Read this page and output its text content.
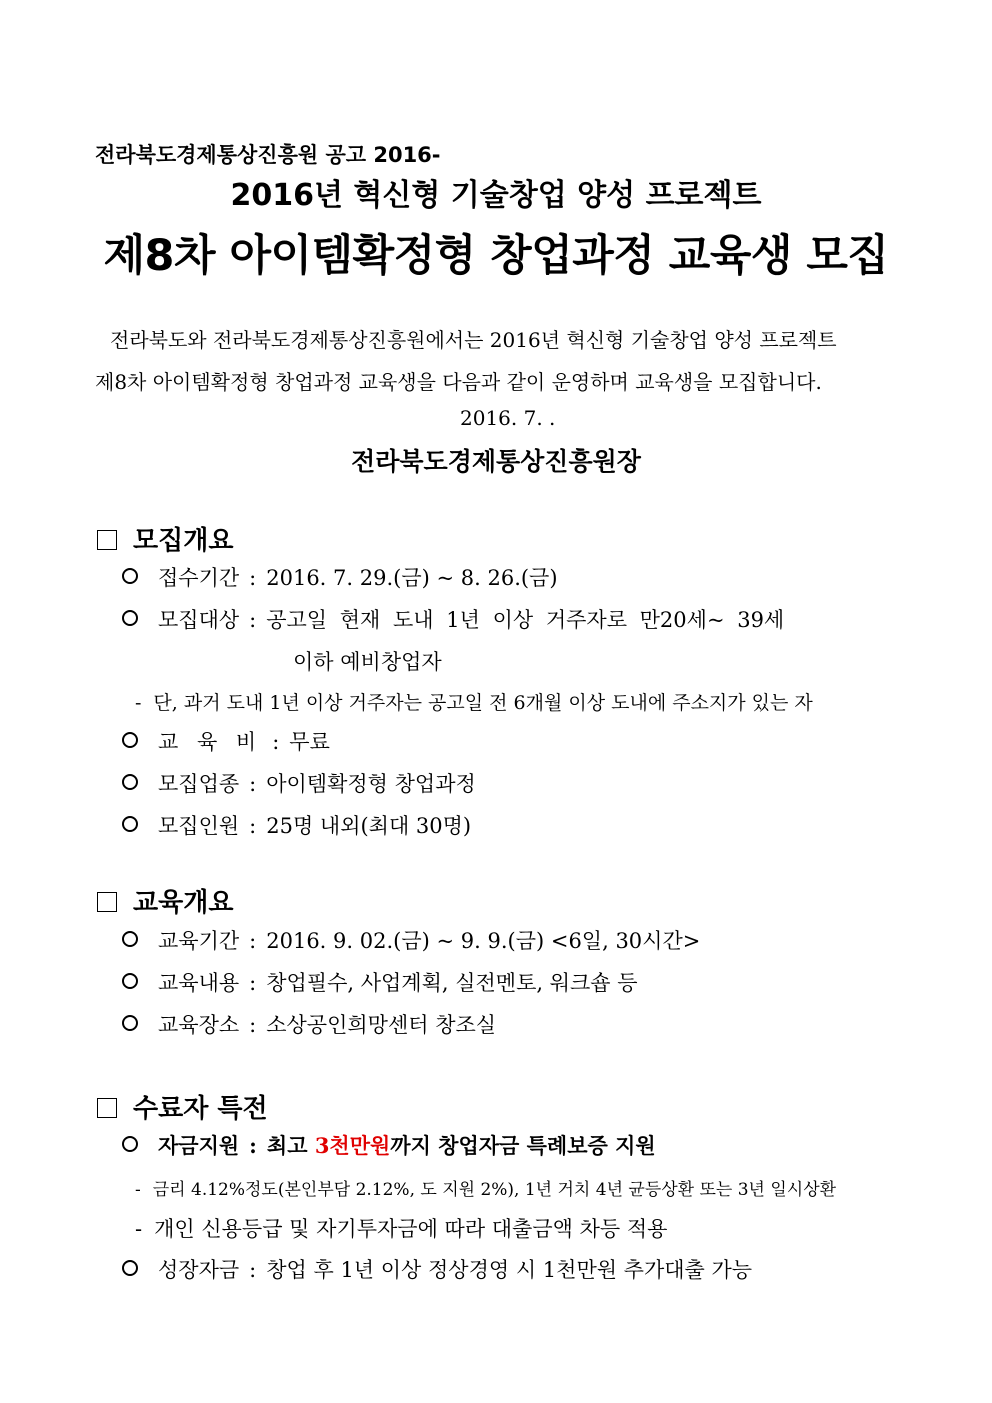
전라북도경제통상진흥원 공고 2016-
2016년 혁신형 기술창업 양성 프로젝트
제8차 아이템확정형 창업과정 교육생 모집
전라북도와 전라북도경제통상진흥원에서는 2016년 혁신형 기술창업 양성 프로젝트
제8차 아이템확정형 창업과정 교육생을 다음과 같이 운영하며 교육생을 모집합니다.
2016. 7. .
전라북도경제통상진흥원장
모집개요
접수기간 : 2016. 7. 29.(금) ~ 8. 26.(금)
모집대상 : 공고일 현재 도내 1년 이상 거주자로 만20세~ 39세
이하 예비창업자
- 단, 과거 도내 1년 이상 거주자는 공고일 전 6개월 이상 도내에 주소지가 있는 자
교 육 비 : 무료
모집업종 : 아이템확정형 창업과정
모집인원 : 25명 내외(최대 30명)
교육개요
교육기간 : 2016. 9. 02.(금) ~ 9. 9.(금) <6일, 30시간>
교육내용 : 창업필수, 사업계획, 실전멘토, 워크숍 등
교육장소 : 소상공인희망센터 창조실
수료자 특전
자금지원 : 최고 3천만원까지 창업자금 특례보증 지원
- 금리 4.12%정도(본인부담 2.12%, 도 지원 2%), 1년 거치 4년 균등상환 또는 3년 일시상환
- 개인 신용등급 및 자기투자금에 따라 대출금액 차등 적용
성장자금 : 창업 후 1년 이상 정상경영 시 1천만원 추가대출 가능
